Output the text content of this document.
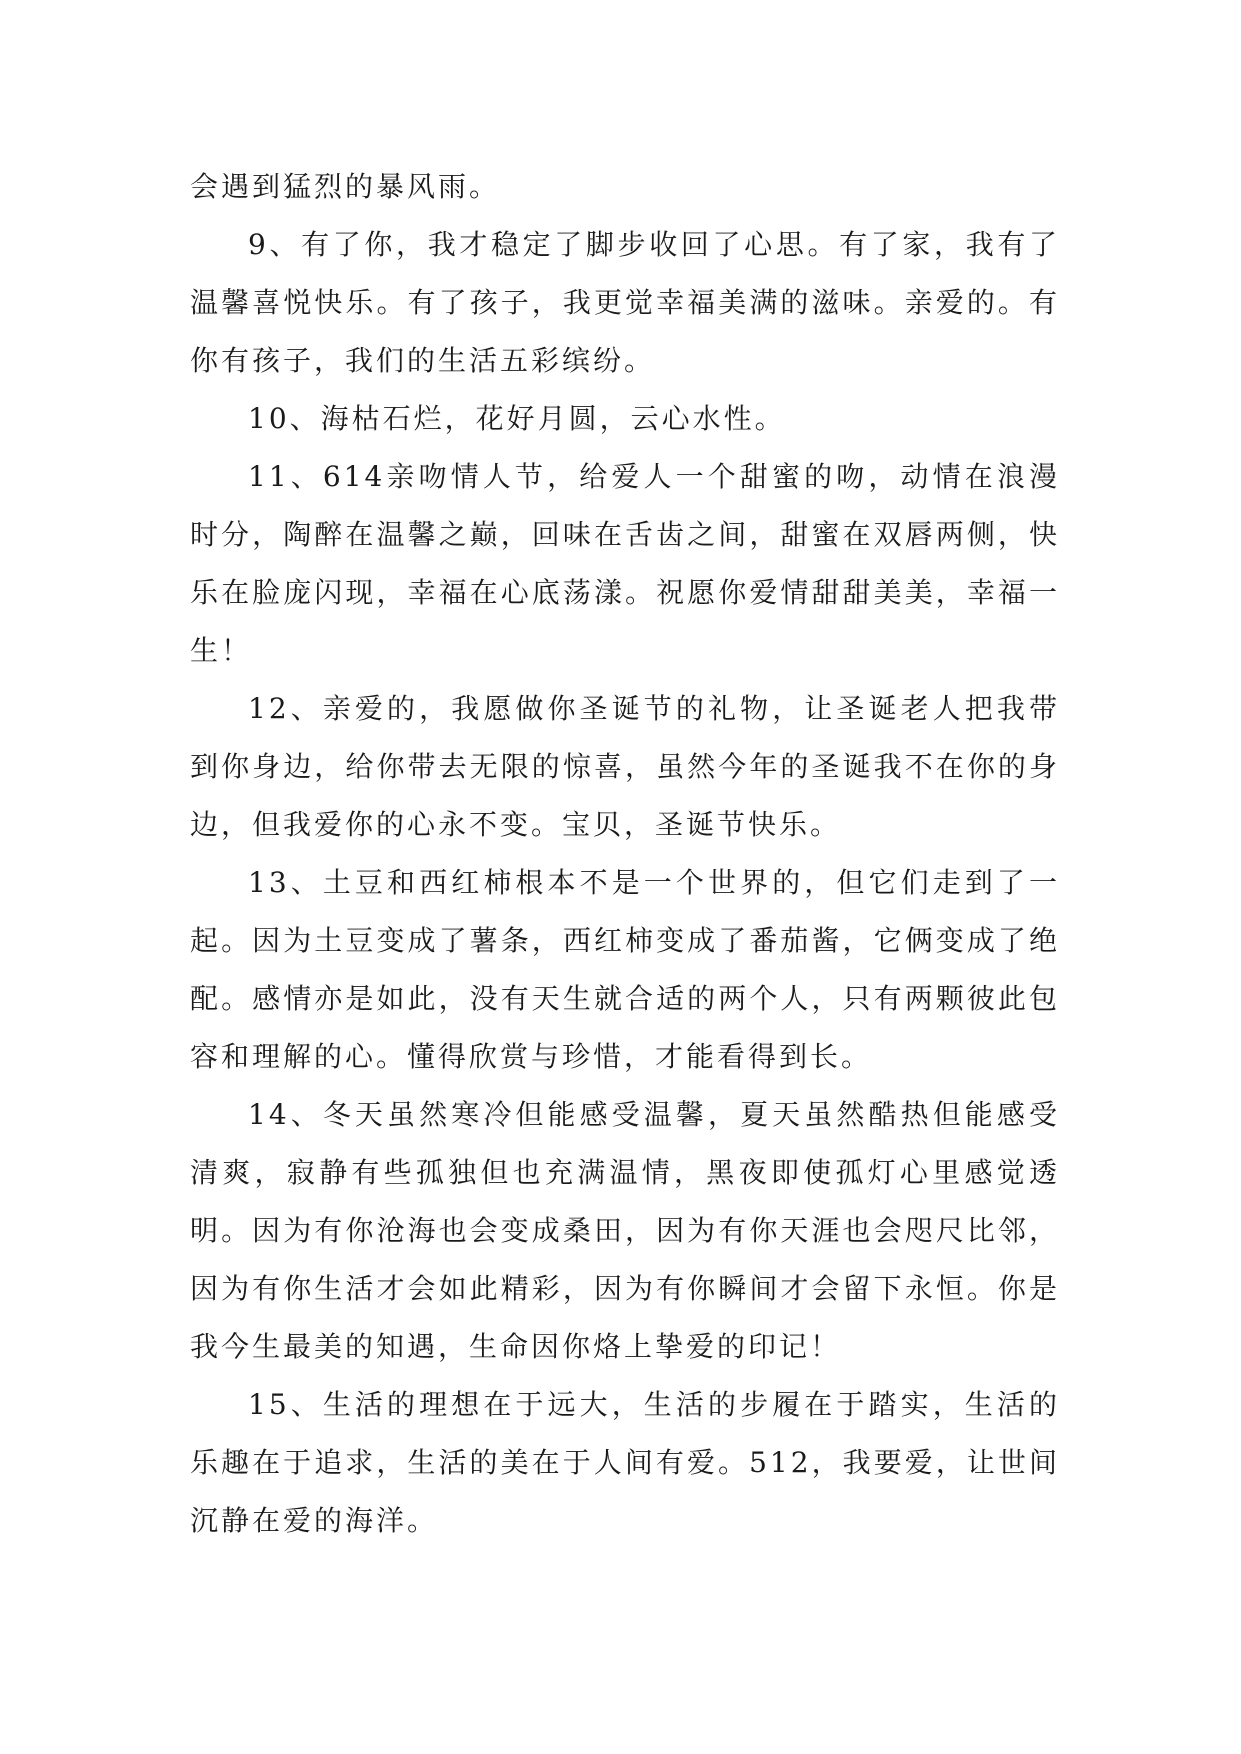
会遇到猛烈的暴风雨。

9、有了你，我才稳定了脚步收回了心思。有了家，我有了温馨喜悦快乐。有了孩子，我更觉幸福美满的滋味。亲爱的。有你有孩子，我们的生活五彩缤纷。

10、海枯石烂，花好月圆，云心水性。

11、614亲吻情人节，给爱人一个甜蜜的吻，动情在浪漫时分，陶醉在温馨之巅，回味在舌齿之间，甜蜜在双唇两侧，快乐在脸庞闪现，幸福在心底荡漾。祝愿你爱情甜甜美美，幸福一生！

12、亲爱的，我愿做你圣诞节的礼物，让圣诞老人把我带到你身边，给你带去无限的惊喜，虽然今年的圣诞我不在你的身边，但我爱你的心永不变。宝贝，圣诞节快乐。

13、土豆和西红柿根本不是一个世界的，但它们走到了一起。因为土豆变成了薯条，西红柿变成了番茄酱，它俩变成了绝配。感情亦是如此，没有天生就合适的两个人，只有两颗彼此包容和理解的心。懂得欣赏与珍惜，才能看得到长。

14、冬天虽然寒冷但能感受温馨，夏天虽然酷热但能感受清爽，寂静有些孤独但也充满温情，黑夜即使孤灯心里感觉透明。因为有你沧海也会变成桑田，因为有你天涯也会咫尺比邻，因为有你生活才会如此精彩，因为有你瞬间才会留下永恒。你是我今生最美的知遇，生命因你烙上挚爱的印记！

15、生活的理想在于远大，生活的步履在于踏实，生活的乐趣在于追求，生活的美在于人间有爱。512，我要爱，让世间沉静在爱的海洋。
